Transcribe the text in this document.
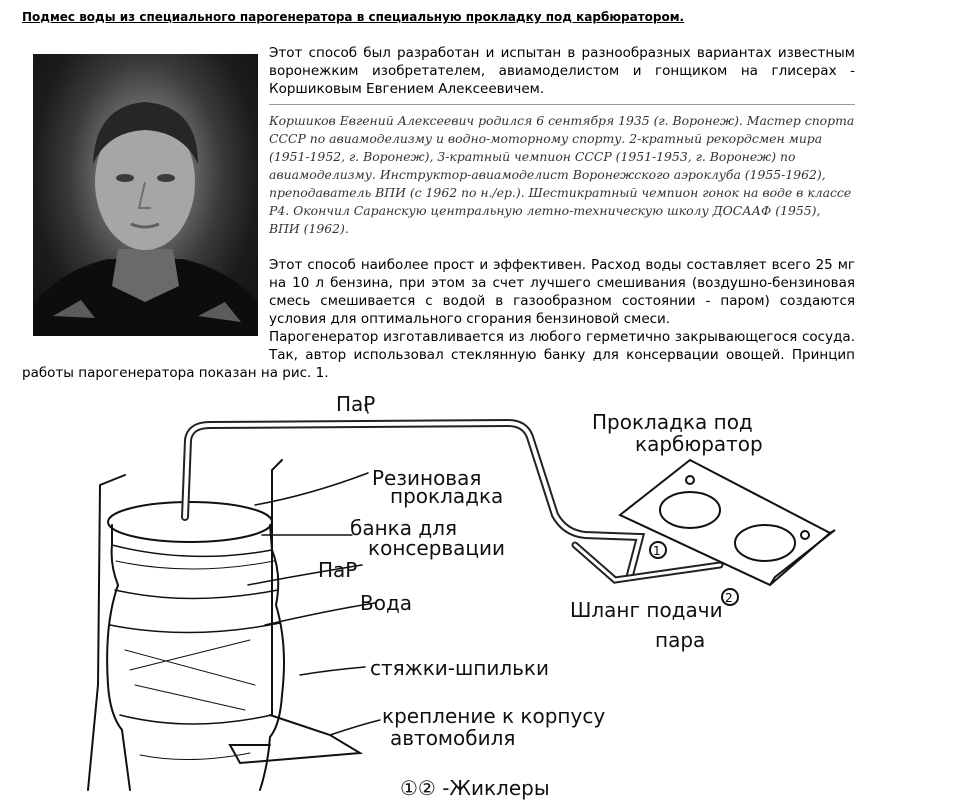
Подмес воды из специального парогенератора в специальную прокладку под карбюратором.

Этот способ был разработан и испытан в разнообразных вариантах известным воронежким изобретателем, авиамоделистом и гонщиком на глисерах - Коршиковым Евгением Алексеевичем.
Коршиков Евгений Алексеевич родился 6 сентября 1935 (г. Воронеж). Мастер спорта СССР по авиамоделизму и водно-моторному спорту. 2-кратный рекордсмен мира (1951-1952, г. Воронеж), 3-кратный чемпион СССР (1951-1953, г. Воронеж) по авиамоделизму. Инструктор-авиамоделист Воронежского аэроклуба (1955-1962), преподаватель ВПИ (с 1962 по н./ер.). Шестикратный чемпион гонок на воде в классе Р4. Окончил Саранскую центральную летно-техническую школу ДОСААФ (1955), ВПИ (1962).
Этот способ наиболее прост и эффективен. Расход воды составляет всего 25 мг на 10 л бензина, при этом за счет лучшего смешивания (воздушно-бензиновая смесь смешивается с водой в газообразном состоянии - паром) создаются условия для оптимального сгорания бензиновой смеси.
Парогенератор изготавливается из любого герметично закрывающегося сосуда.
Так, автор использовал стеклянную банку для консервации овощей. Принцип
работы парогенератора показан на рис. 1.
ПаР
Прокладка под
карбюратор
Резиновая
прокладка
банка для
консервации
ПаР
Вода	Шланг подачи
пара
стяжки-шпильки
крепление к корпусу
автомобиля
①② -Жиклеры
1
2
